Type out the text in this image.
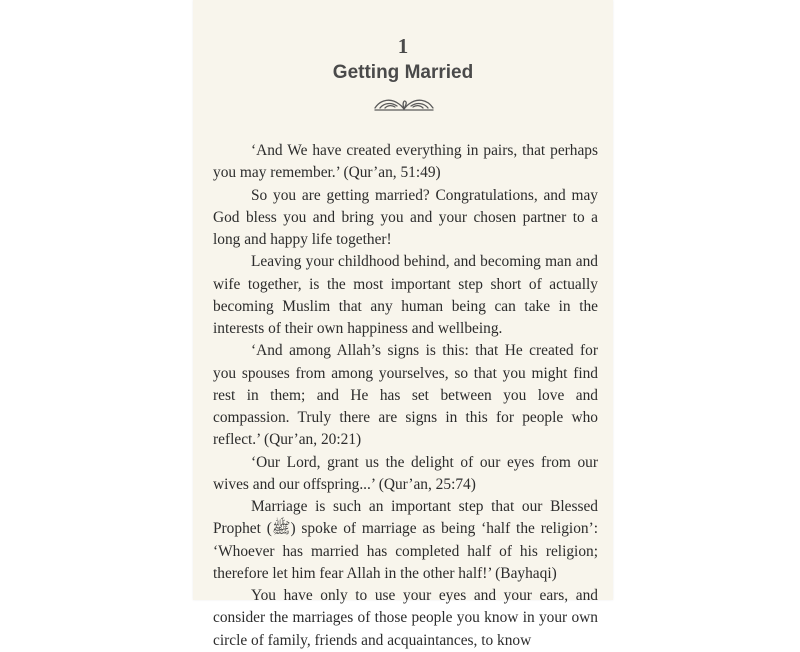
1
Getting Married

‘And We have created everything in pairs, that perhaps you may remember.’ (Qur’an, 51:49)

So you are getting married? Congratulations, and may God bless you and bring you and your chosen partner to a long and happy life together!

Leaving your childhood behind, and becoming man and wife together, is the most important step short of actually becoming Muslim that any human being can take in the interests of their own happiness and wellbeing.

‘And among Allah’s signs is this: that He created for you spouses from among yourselves, so that you might find rest in them; and He has set between you love and compassion. Truly there are signs in this for people who reflect.’ (Qur’an, 20:21)

‘Our Lord, grant us the delight of our eyes from our wives and our offspring...’ (Qur’an, 25:74)

Marriage is such an important step that our Blessed Prophet (ﷺ) spoke of marriage as being ‘half the religion’: ‘Whoever has married has completed half of his religion; therefore let him fear Allah in the other half!’ (Bayhaqi)

You have only to use your eyes and your ears, and consider the marriages of those people you know in your own circle of family, friends and acquaintances, to know
